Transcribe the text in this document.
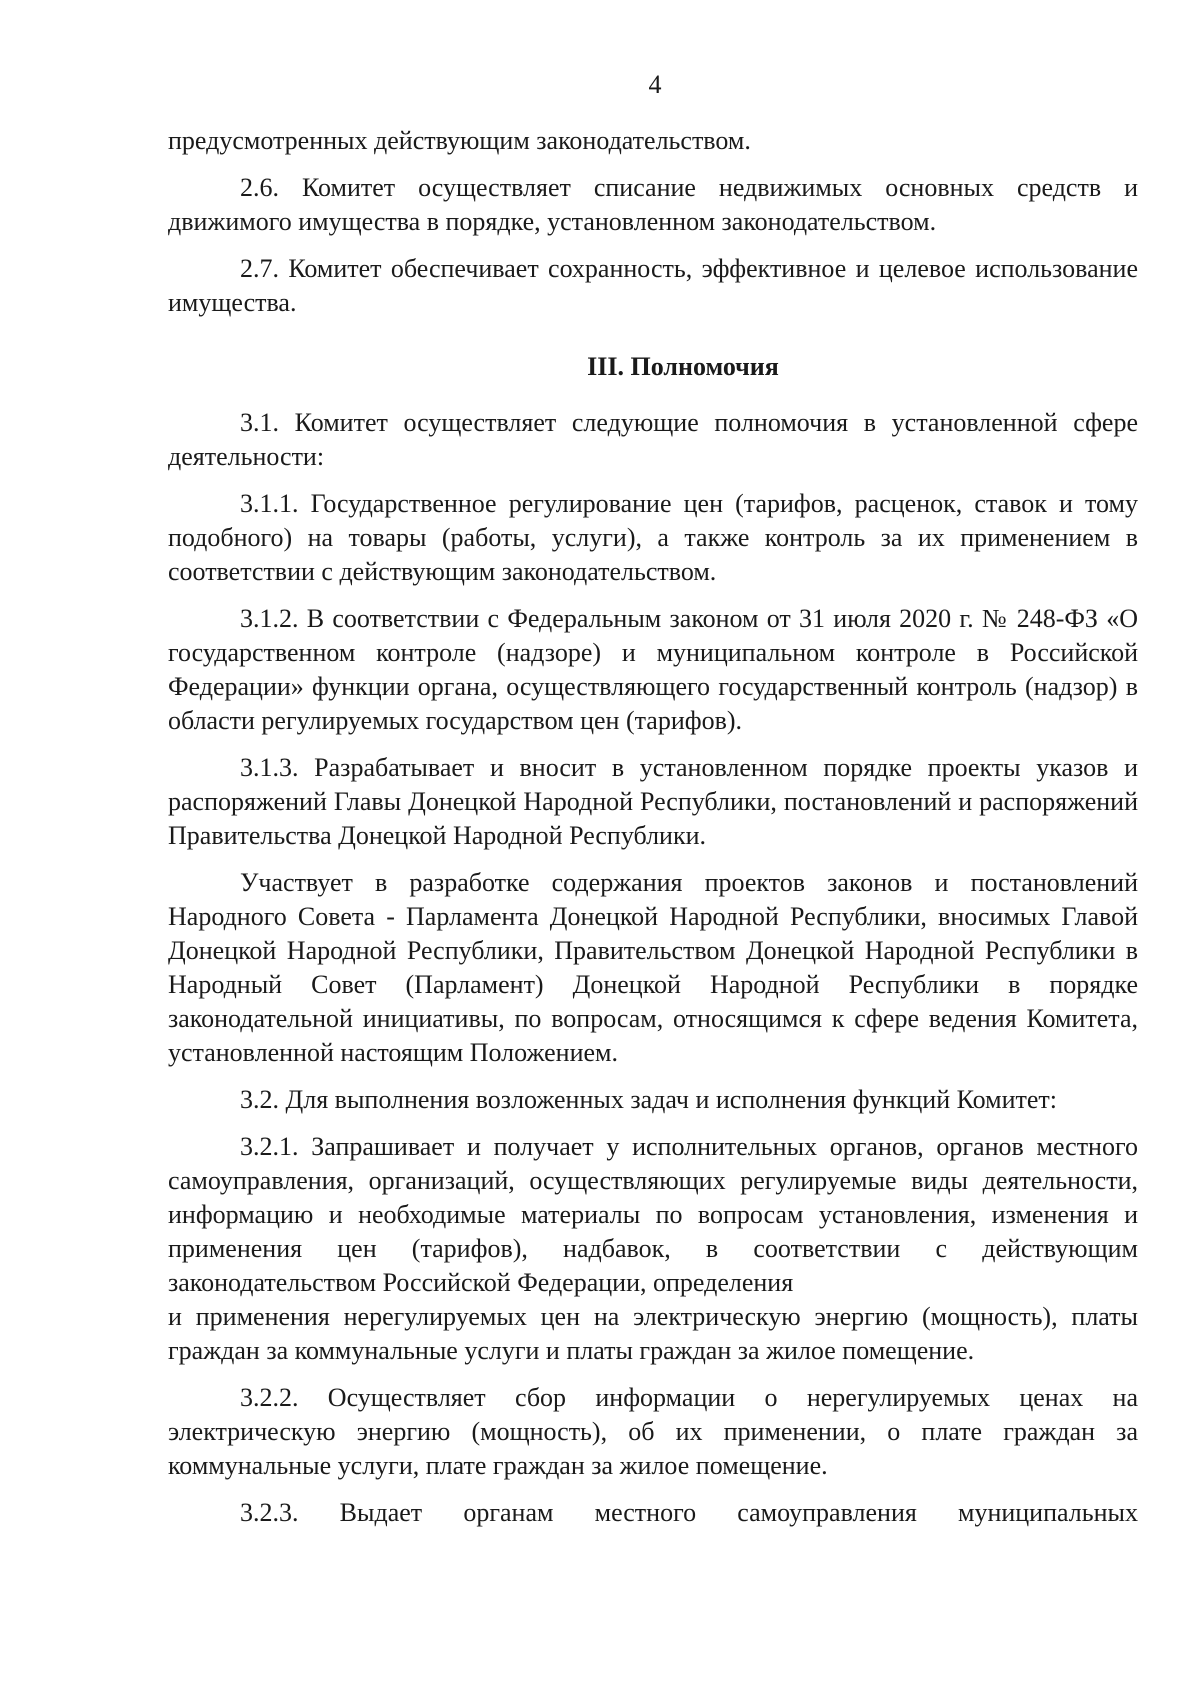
4

предусмотренных действующим законодательством.

2.6. Комитет осуществляет списание недвижимых основных средств и движимого имущества в порядке, установленном законодательством.

2.7. Комитет обеспечивает сохранность, эффективное и целевое использование имущества.

III. Полномочия

3.1. Комитет осуществляет следующие полномочия в установленной сфере деятельности:

3.1.1. Государственное регулирование цен (тарифов, расценок, ставок и тому подобного) на товары (работы, услуги), а также контроль за их применением в соответствии с действующим законодательством.

3.1.2. В соответствии с Федеральным законом от 31 июля 2020 г. № 248-ФЗ «О государственном контроле (надзоре) и муниципальном контроле в Российской Федерации» функции органа, осуществляющего государственный контроль (надзор) в области регулируемых государством цен (тарифов).

3.1.3. Разрабатывает и вносит в установленном порядке проекты указов и распоряжений Главы Донецкой Народной Республики, постановлений и распоряжений Правительства Донецкой Народной Республики.

Участвует в разработке содержания проектов законов и постановлений Народного Совета - Парламента Донецкой Народной Республики, вносимых Главой Донецкой Народной Республики, Правительством Донецкой Народной Республики в Народный Совет (Парламент) Донецкой Народной Республики в порядке законодательной инициативы, по вопросам, относящимся к сфере ведения Комитета, установленной настоящим Положением.

3.2. Для выполнения возложенных задач и исполнения функций Комитет:

3.2.1. Запрашивает и получает у исполнительных органов, органов местного самоуправления, организаций, осуществляющих регулируемые виды деятельности, информацию и необходимые материалы по вопросам установления, изменения и применения цен (тарифов), надбавок, в соответствии с действующим законодательством Российской Федерации, определения

и применения нерегулируемых цен на электрическую энергию (мощность), платы граждан за коммунальные услуги и платы граждан за жилое помещение.

3.2.2. Осуществляет сбор информации о нерегулируемых ценах на электрическую энергию (мощность), об их применении, о плате граждан за коммунальные услуги, плате граждан за жилое помещение.

3.2.3. Выдает органам местного самоуправления муниципальных
